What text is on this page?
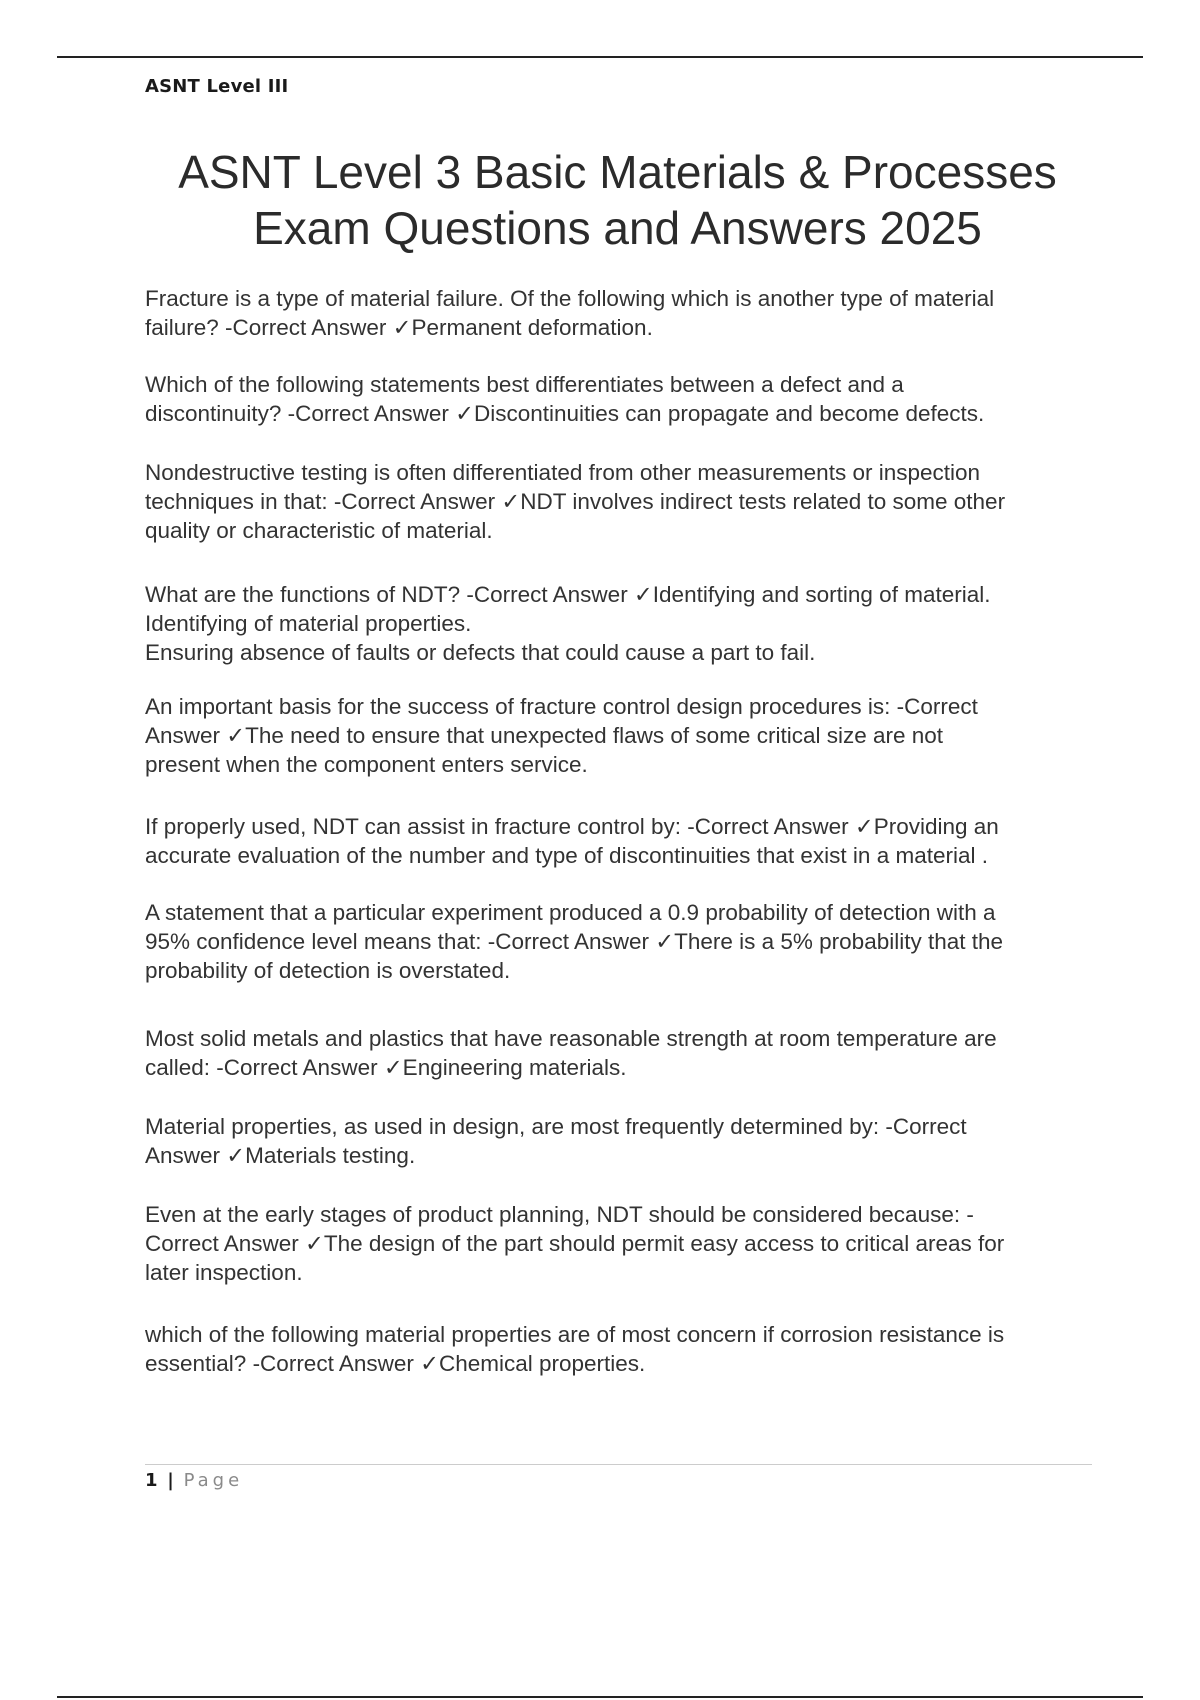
ASNT Level III
ASNT Level 3 Basic Materials & Processes
Exam Questions and Answers 2025

Fracture is a type of material failure. Of the following which is another type of material
failure? -Correct Answer ✓Permanent deformation.

Which of the following statements best differentiates between a defect and a
discontinuity? -Correct Answer ✓Discontinuities can propagate and become defects.

Nondestructive testing is often differentiated from other measurements or inspection
techniques in that: -Correct Answer ✓NDT involves indirect tests related to some other
quality or characteristic of material.

What are the functions of NDT? -Correct Answer ✓Identifying and sorting of material.
Identifying of material properties.
Ensuring absence of faults or defects that could cause a part to fail.

An important basis for the success of fracture control design procedures is: -Correct
Answer ✓The need to ensure that unexpected flaws of some critical size are not
present when the component enters service.

If properly used, NDT can assist in fracture control by: -Correct Answer ✓Providing an
accurate evaluation of the number and type of discontinuities that exist in a material .

A statement that a particular experiment produced a 0.9 probability of detection with a
95% confidence level means that: -Correct Answer ✓There is a 5% probability that the
probability of detection is overstated.

Most solid metals and plastics that have reasonable strength at room temperature are
called: -Correct Answer ✓Engineering materials.

Material properties, as used in design, are most frequently determined by: -Correct
Answer ✓Materials testing.

Even at the early stages of product planning, NDT should be considered because: -
Correct Answer ✓The design of the part should permit easy access to critical areas for
later inspection.

which of the following material properties are of most concern if corrosion resistance is
essential? -Correct Answer ✓Chemical properties.

1 | Page
